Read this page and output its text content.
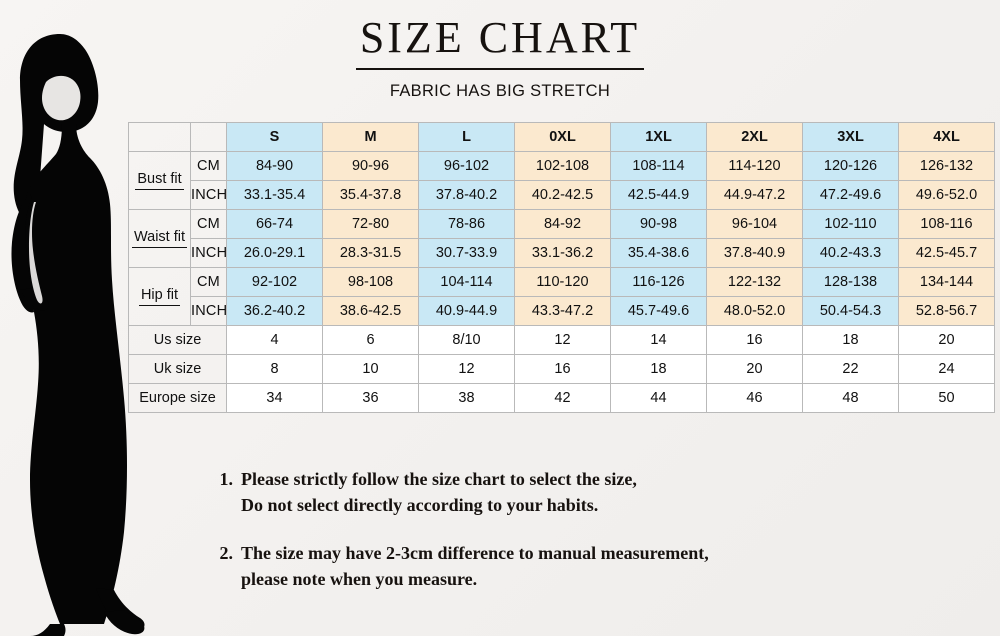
SIZE CHART
FABRIC HAS BIG STRETCH
		S	M	L	0XL	1XL	2XL	3XL	4XL
Bust fit	CM	84-90	90-96	96-102	102-108	108-114	114-120	120-126	126-132
	INCH	33.1-35.4	35.4-37.8	37.8-40.2	40.2-42.5	42.5-44.9	44.9-47.2	47.2-49.6	49.6-52.0
Waist fit	CM	66-74	72-80	78-86	84-92	90-98	96-104	102-110	108-116
	INCH	26.0-29.1	28.3-31.5	30.7-33.9	33.1-36.2	35.4-38.6	37.8-40.9	40.2-43.3	42.5-45.7
Hip fit	CM	92-102	98-108	104-114	110-120	116-126	122-132	128-138	134-144
	INCH	36.2-40.2	38.6-42.5	40.9-44.9	43.3-47.2	45.7-49.6	48.0-52.0	50.4-54.3	52.8-56.7
Us size		4	6	8/10	12	14	16	18	20
Uk size		8	10	12	16	18	20	22	24
Europe size		34	36	38	42	44	46	48	50
1. Please strictly follow the size chart to select the size,
Do not select directly according to your habits.
2. The size may have 2-3cm difference to manual measurement,
please note when you measure.
